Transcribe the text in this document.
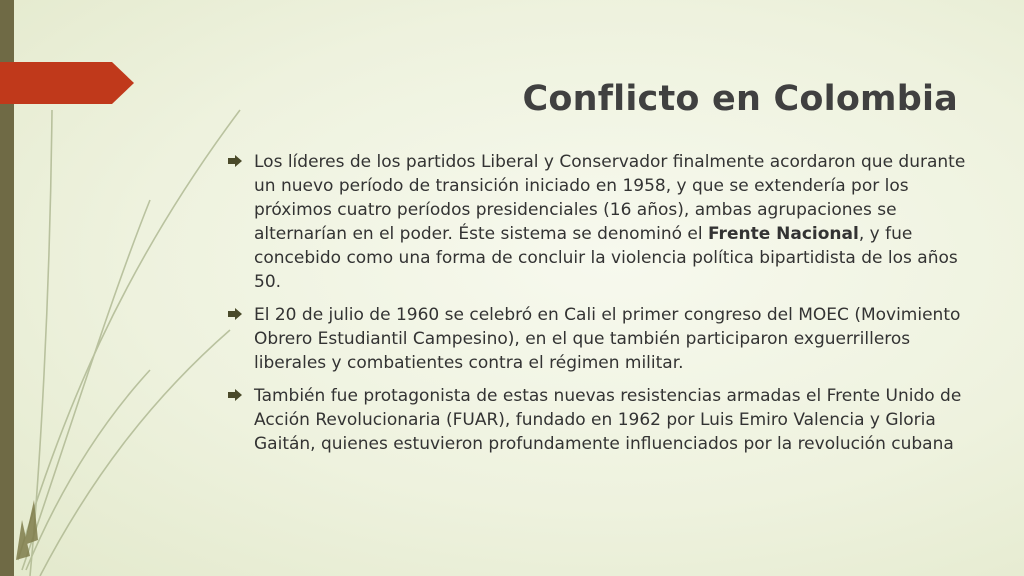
Conflicto en Colombia
Los líderes de los partidos Liberal y Conservador finalmente acordaron que durante un nuevo período de transición iniciado en 1958, y que se extendería por los próximos cuatro períodos presidenciales (16 años), ambas agrupaciones se alternarían en el poder. Éste sistema se denominó el Frente Nacional, y fue concebido como una forma de concluir la violencia política bipartidista de los años 50.
El 20 de julio de 1960 se celebró en Cali el primer congreso del MOEC (Movimiento Obrero Estudiantil Campesino), en el que también participaron exguerrilleros liberales y combatientes contra el régimen militar.
También fue protagonista de estas nuevas resistencias armadas el Frente Unido de Acción Revolucionaria (FUAR), fundado en 1962 por Luis Emiro Valencia y Gloria Gaitán, quienes estuvieron profundamente influenciados por la revolución cubana
